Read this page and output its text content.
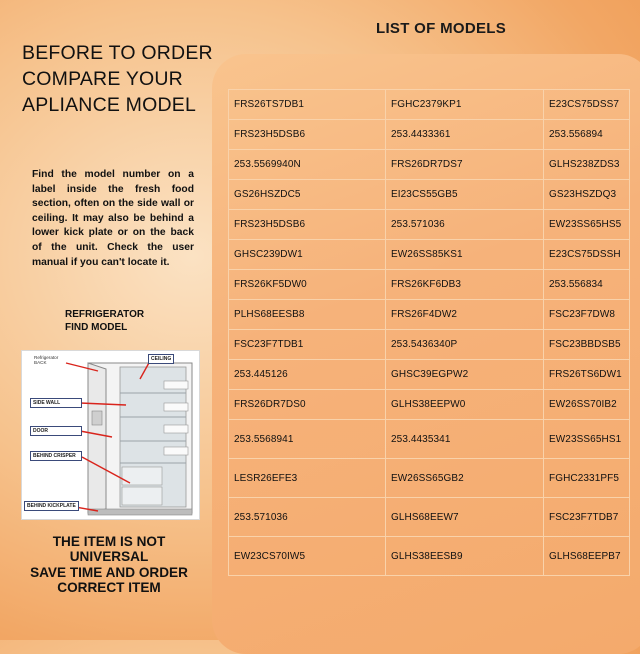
LIST OF MODELS
BEFORE TO ORDER
COMPARE YOUR
APLIANCE MODEL

Find the model number on a label inside the fresh food section, often on the side wall or ceiling. It may also be behind a lower kick plate or on the back of the unit. Check the user manual if you can't locate it.

REFRIGERATOR
FIND MODEL
Refrigerator BACK
CEILING
SIDE WALL
DOOR
BEHIND CRISPER
BEHIND KICKPLATE
THE ITEM IS NOT
UNIVERSAL
SAVE TIME AND ORDER
CORRECT ITEM
FRS26TS7DB1	FGHC2379KP1	E23CS75DSS7
FRS23H5DSB6	253.4433361	253.556894
253.5569940N	FRS26DR7DS7	GLHS238ZDS3
GS26HSZDC5	EI23CS55GB5	GS23HSZDQ3
FRS23H5DSB6	253.571036	EW23SS65HS5
GHSC239DW1	EW26SS85KS1	E23CS75DSSH
FRS26KF5DW0	FRS26KF6DB3	253.556834
PLHS68EESB8	FRS26F4DW2	FSC23F7DW8
FSC23F7TDB1	253.5436340P	FSC23BBDSB5
253.445126	GHSC39EGPW2	FRS26TS6DW1
FRS26DR7DS0	GLHS38EEPW0	EW26SS70IB2
253.5568941	253.4435341	EW23SS65HS1
LESR26EFE3	EW26SS65GB2	FGHC2331PF5
253.571036	GLHS68EEW7	FSC23F7TDB7
EW23CS70IW5	GLHS38EESB9	GLHS68EEPB7
